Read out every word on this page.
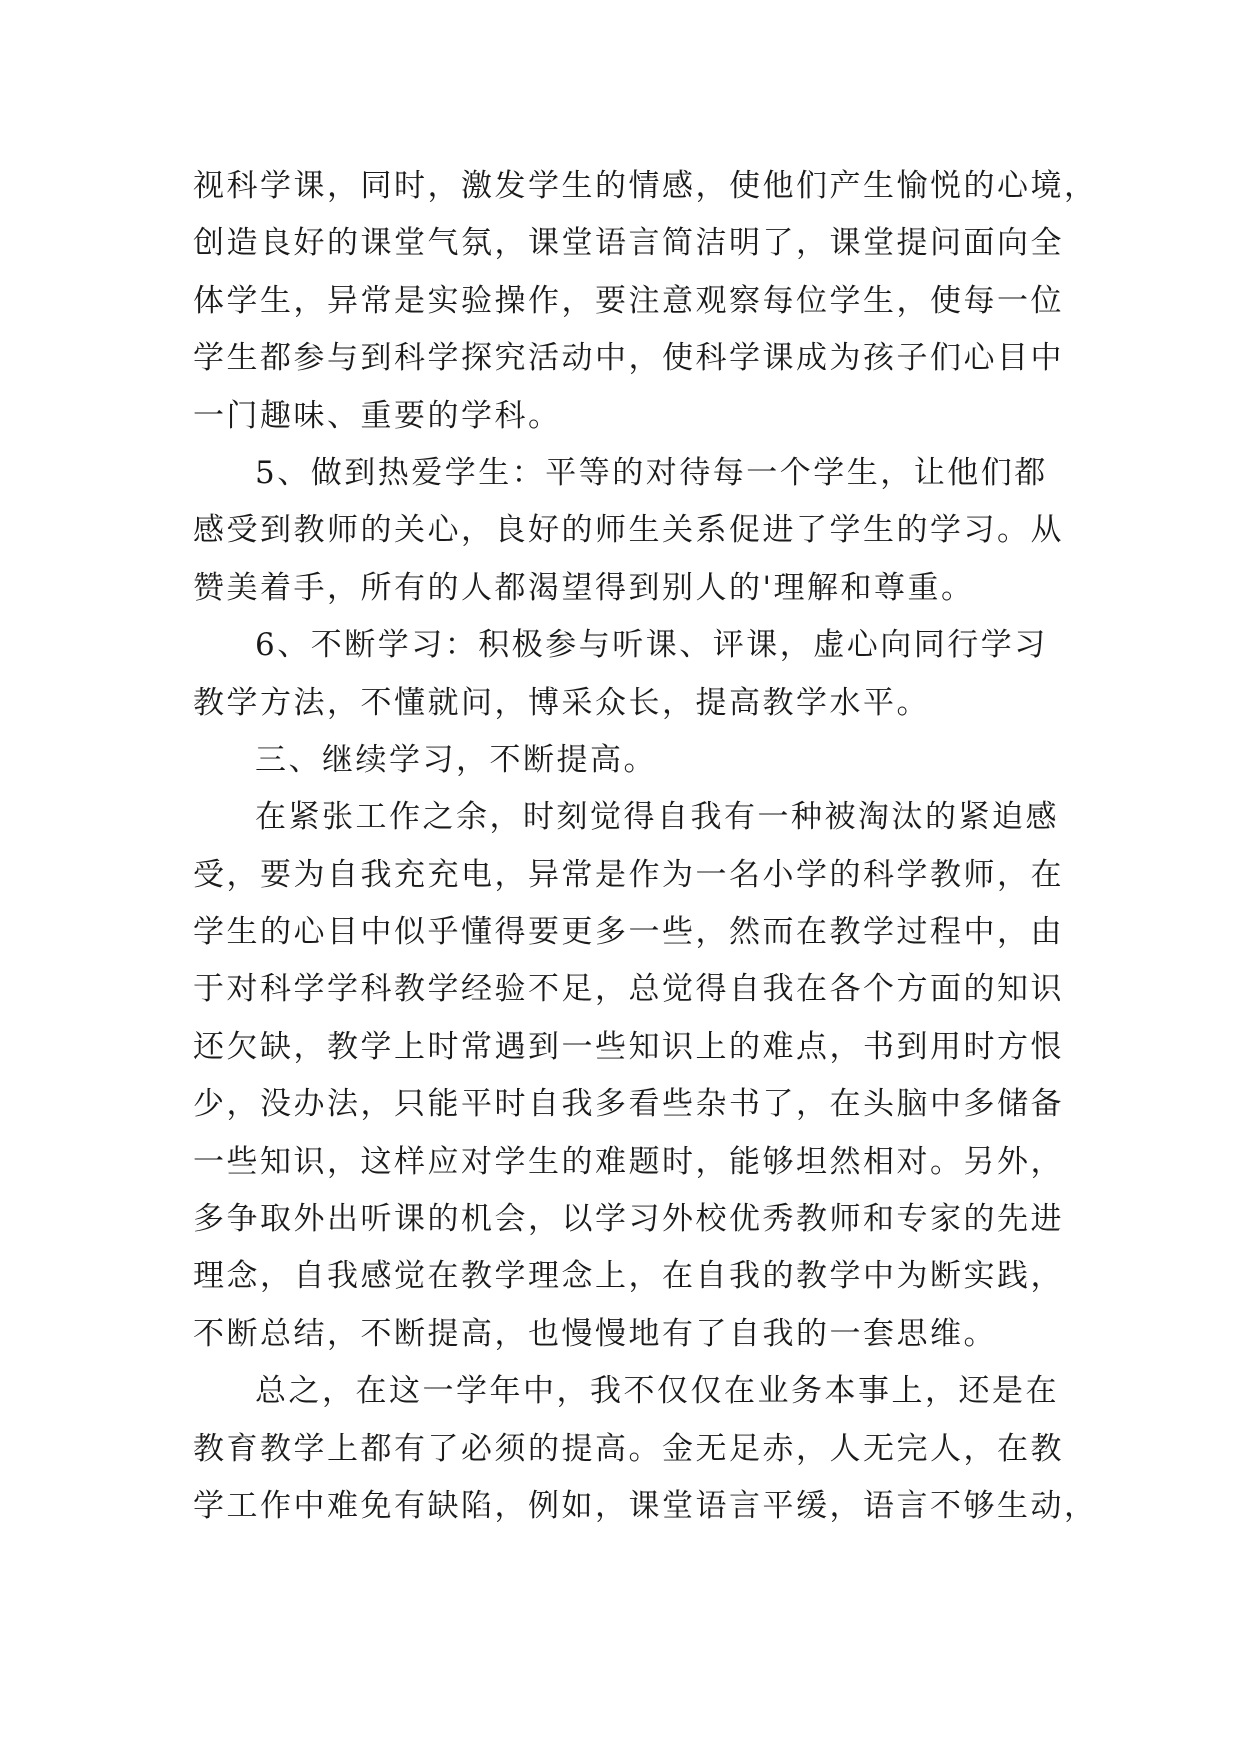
视科学课，同时，激发学生的情感，使他们产生愉悦的心境，
创造良好的课堂气氛，课堂语言简洁明了，课堂提问面向全
体学生，异常是实验操作，要注意观察每位学生，使每一位
学生都参与到科学探究活动中，使科学课成为孩子们心目中
一门趣味、重要的学科。
5、做到热爱学生：平等的对待每一个学生，让他们都
感受到教师的关心，良好的师生关系促进了学生的学习。从
赞美着手，所有的人都渴望得到别人的'理解和尊重。
6、不断学习：积极参与听课、评课，虚心向同行学习
教学方法，不懂就问，博采众长，提高教学水平。
三、继续学习，不断提高。
在紧张工作之余，时刻觉得自我有一种被淘汰的紧迫感
受，要为自我充充电，异常是作为一名小学的科学教师，在
学生的心目中似乎懂得要更多一些，然而在教学过程中，由
于对科学学科教学经验不足，总觉得自我在各个方面的知识
还欠缺，教学上时常遇到一些知识上的难点，书到用时方恨
少，没办法，只能平时自我多看些杂书了，在头脑中多储备
一些知识，这样应对学生的难题时，能够坦然相对。另外，
多争取外出听课的机会，以学习外校优秀教师和专家的先进
理念，自我感觉在教学理念上，在自我的教学中为断实践，
不断总结，不断提高，也慢慢地有了自我的一套思维。
总之，在这一学年中，我不仅仅在业务本事上，还是在
教育教学上都有了必须的提高。金无足赤，人无完人，在教
学工作中难免有缺陷，例如，课堂语言平缓，语言不够生动，
